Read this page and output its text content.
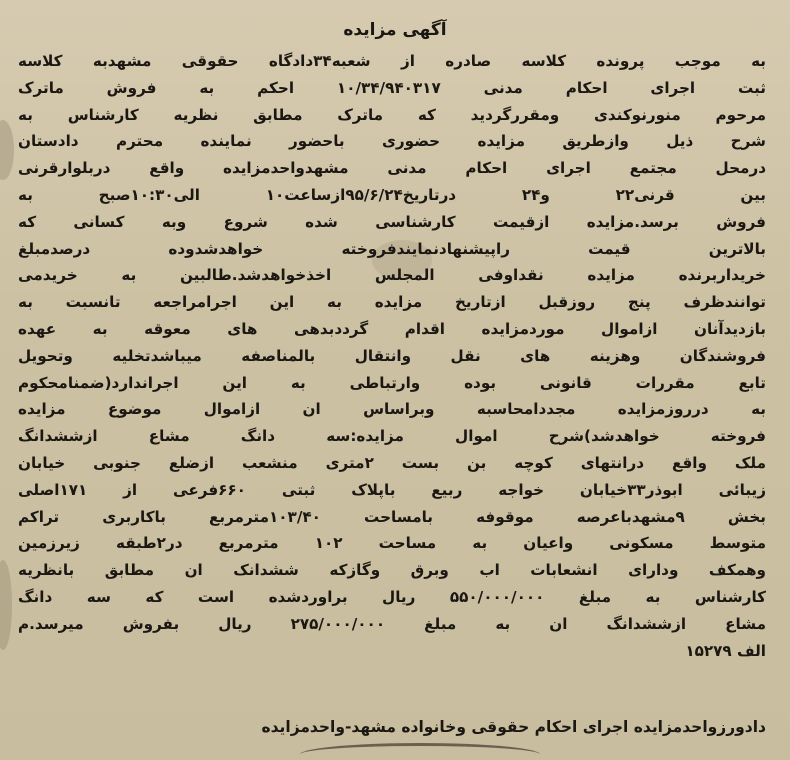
آگهی مزایده
به موجب پرونده کلاسه صادره از شعبه۳۴دادگاه حقوقی مشهدبه کلاسه
ثبت اجرای احکام مدنی ۱۰/۳۴/۹۴۰۳۱۷ احکم به فروش ماترک
مرحوم منورنوکندی ومقررگردید که ماترک مطابق نظریه کارشناس به
شرح ذیل وازطریق مزایده حضوری باحضور نماینده محترم دادستان
درمحل مجتمع اجرای احکام مدنی مشهدواحدمزایده واقع دربلوارقرنی
بین قرنی۲۲ و۲۴ درتاریخ۹۵/۶/۲۴ازساعت۱۰ الی۱۰:۳۰صبح به
فروش برسد.مزایده ازقیمت کارشناسی شده شروع وبه کسانی که
بالاترین قیمت راپیشنهادنمایندفروخته خواهدشدوده درصدمبلغ
خریداربرنده مزایده نقداوفی المجلس اخذخواهدشد.طالبین به خریدمی
توانندظرف پنج روزقبل ازتاریخ مزایده به این اجرامراجعه تانسبت به
بازدیدآنان ازاموال موردمزایده اقدام گرددبدهی های معوقه به عهده
فروشندگان وهزینه های نقل وانتقال بالمناصفه میباشدتخلیه وتحویل
تابع مقررات قانونی بوده وارتباطی به این اجراندارد(ضمنامحکوم
به درروزمزایده مجددامحاسبه وبراساس ان ازاموال موضوع مزایده
فروخته خواهدشد)شرح اموال مزایده:سه دانگ مشاع ازششدانگ
ملک واقع درانتهای کوچه بن بست ۲متری منشعب ازضلع جنوبی خیابان
زیبائی ابوذر۳۳خیابان خواجه ربیع باپلاک ثبتی ۶۶۰فرعی از ۱۷۱اصلی
بخش ۹مشهدباعرصه موقوفه بامساحت ۱۰۳/۴۰مترمربع باکاربری تراکم
متوسط مسکونی واعیان به مساحت ۱۰۲ مترمربع در۲طبقه زیرزمین
وهمکف ودارای انشعابات اب وبرق وگازکه ششدانک ان مطابق بانظریه
کارشناس به مبلغ ۵۵۰/۰۰۰/۰۰۰ ریال براوردشده است که سه دانگ
مشاع ازششدانگ ان به مبلغ ۲۷۵/۰۰۰/۰۰۰ ریال بفروش میرسد.م
الف ۱۵۲۷۹
دادورزواحدمزایده اجرای احکام حقوقی وخانواده مشهد-واحدمزایده
